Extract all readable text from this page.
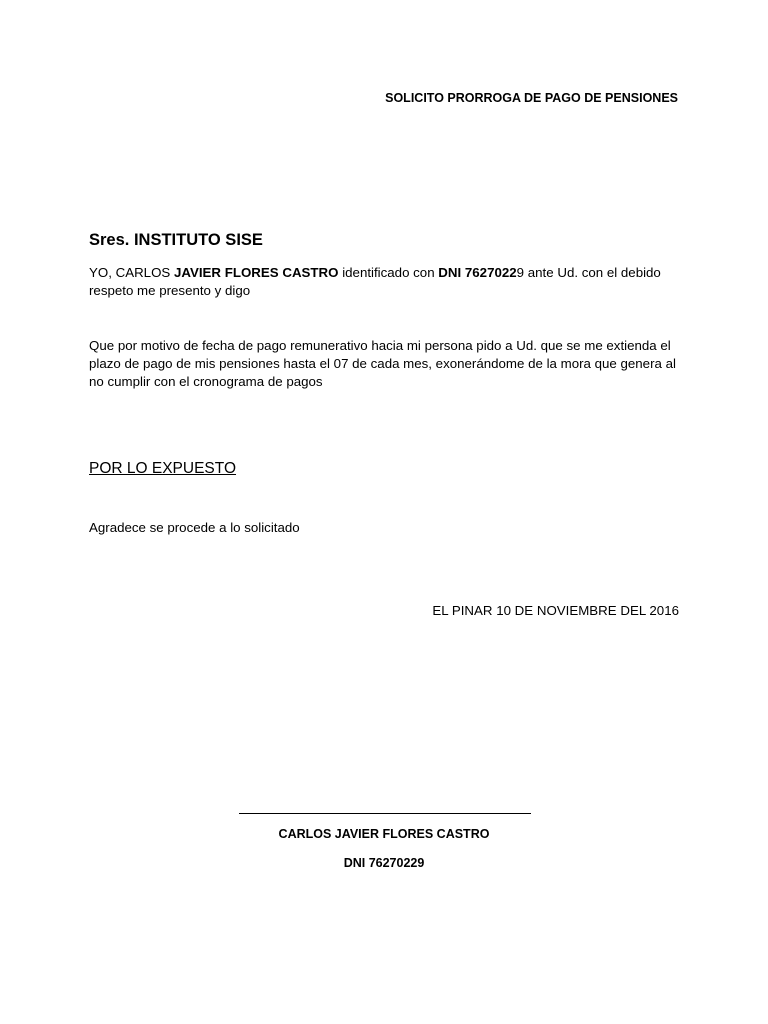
SOLICITO PRORROGA DE PAGO DE PENSIONES
Sres. INSTITUTO SISE
YO, CARLOS JAVIER FLORES CASTRO identificado con DNI 76270229 ante Ud. con el debido respeto me presento y digo
Que por motivo de fecha de pago remunerativo hacia mi persona pido a Ud. que se me extienda el plazo de pago de mis pensiones hasta el 07 de cada mes, exonerándome de la mora que genera al no cumplir con el cronograma de pagos
POR LO EXPUESTO
Agradece se procede a lo solicitado
EL PINAR 10 DE NOVIEMBRE DEL 2016
CARLOS JAVIER FLORES CASTRO
DNI 76270229
